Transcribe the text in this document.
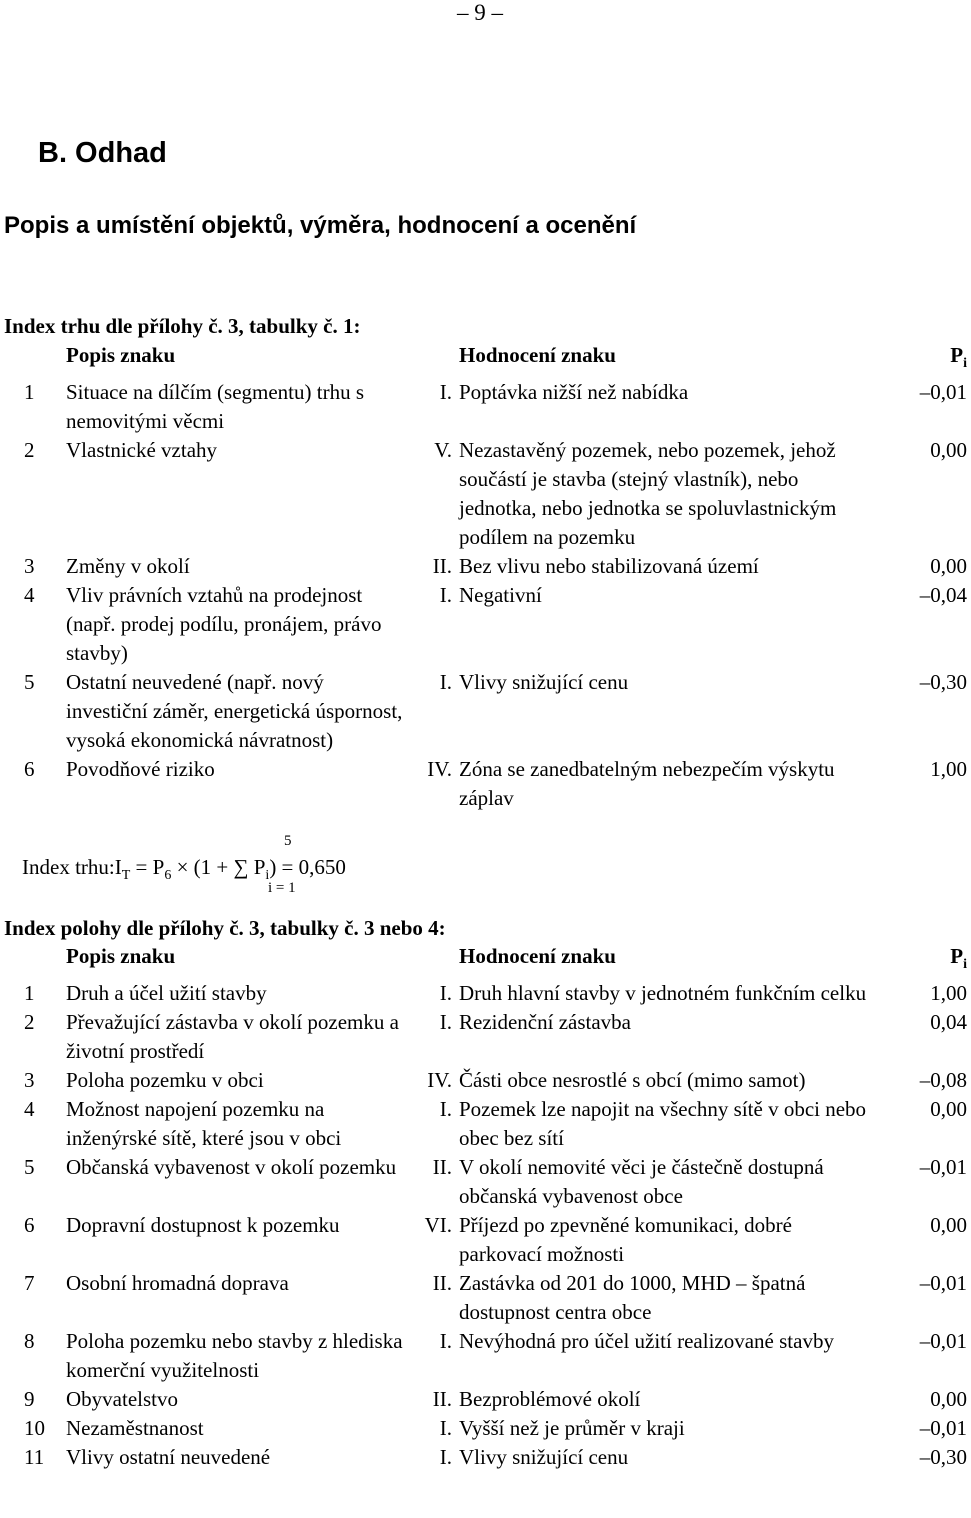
– 9 –
B. Odhad
Popis a umístění objektů, výměra, hodnocení a ocenění
Index trhu dle přílohy č. 3, tabulky č. 1:
	Popis znaku		Hodnocení znaku	$P_i$
1	Situace na dílčím (segmentu) trhu s nemovitými věcmi	I.	Poptávka nižší než nabídka	–0,01
2	Vlastnické vztahy	V.	Nezastavěný pozemek, nebo pozemek, jehož součástí je stavba (stejný vlastník), nebo jednotka, nebo jednotka se spoluvlastnickým podílem na pozemku	0,00
3	Změny v okolí	II.	Bez vlivu nebo stabilizovaná území	0,00
4	Vliv právních vztahů na prodejnost (např. prodej podílu, pronájem, právo stavby)	I.	Negativní	–0,04
5	Ostatní neuvedené (např. nový investiční záměr, energetická úspornost, vysoká ekonomická návratnost)	I.	Vlivy snižující cenu	–0,30
6	Povodňové riziko	IV.	Zóna se zanedbatelným nebezpečím výskytu záplav	1,00
5
Index $trhu:I_T = P_6 \times (1$ + ∑ $P_i) = 0,650$
i = 1
Index polohy dle přílohy č. 3, tabulky č. 3 nebo 4:
	Popis znaku		Hodnocení znaku	$P_i$
1	Druh a účel užití stavby	I.	Druh hlavní stavby v jednotném funkčním celku	1,00
2	Převažující zástavba v okolí pozemku a životní prostředí	I.	Rezidenční zástavba	0,04
3	Poloha pozemku v obci	IV.	Části obce nesrostlé s obcí (mimo samot)	–0,08
4	Možnost napojení pozemku na inženýrské sítě, které jsou v obci	I.	Pozemek lze napojit na všechny sítě v obci nebo obec bez sítí	0,00
5	Občanská vybavenost v okolí pozemku	II.	V okolí nemovité věci je částečně dostupná občanská vybavenost obce	–0,01
6	Dopravní dostupnost k pozemku	VI.	Příjezd po zpevněné komunikaci, dobré parkovací možnosti	0,00
7	Osobní hromadná doprava	II.	Zastávka od 201 do 1000, MHD – špatná dostupnost centra obce	–0,01
8	Poloha pozemku nebo stavby z hlediska komerční využitelnosti	I.	Nevýhodná pro účel užití realizované stavby	–0,01
9	Obyvatelstvo	II.	Bezproblémové okolí	0,00
10	Nezaměstnanost	I.	Vyšší než je průměr v kraji	–0,01
11	Vlivy ostatní neuvedené	I.	Vlivy snižující cenu	–0,30
